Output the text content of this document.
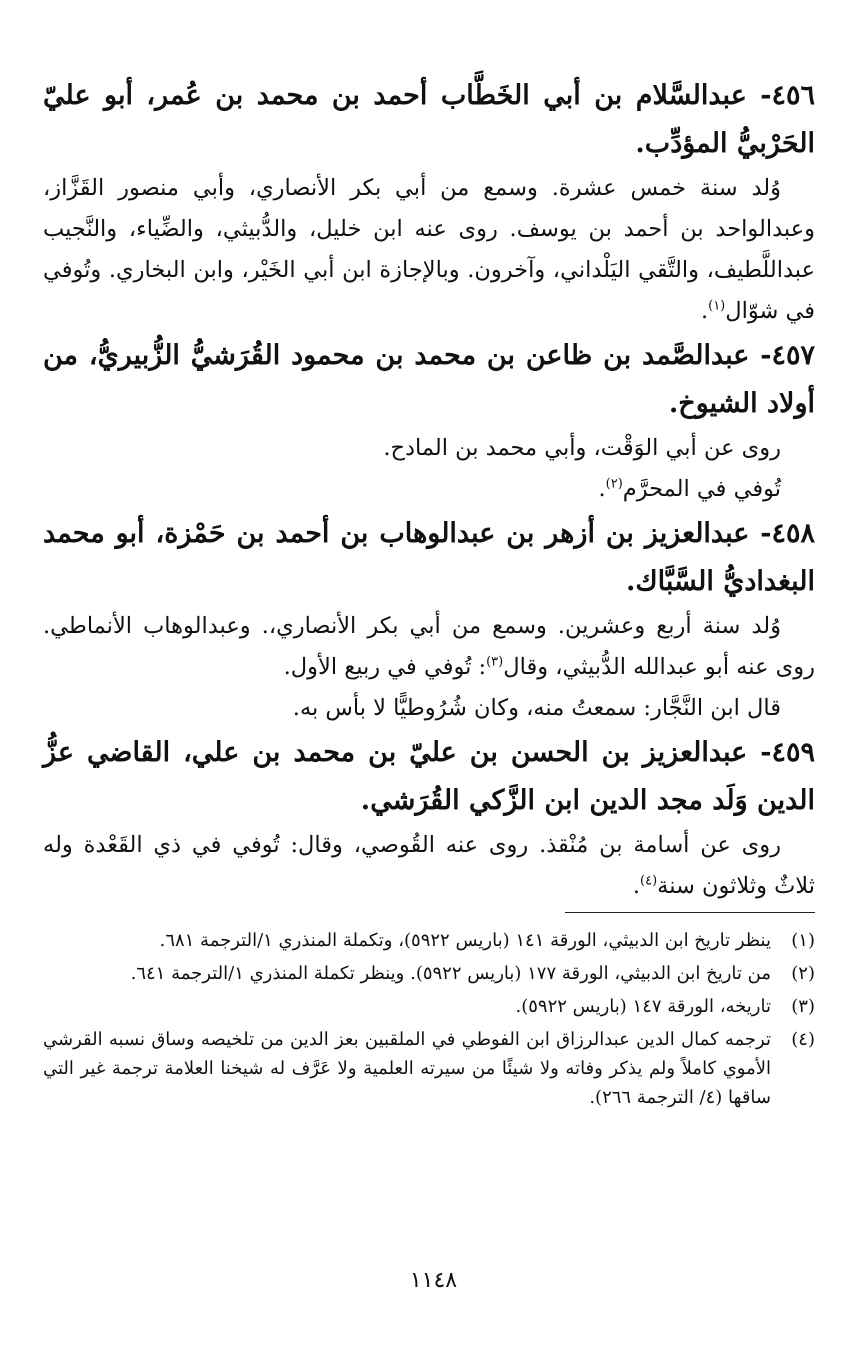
٤٥٦- عبدالسَّلام بن أبي الخَطَّاب أحمد بن محمد بن عُمر، أبو عليّ الحَرْبيُّ المؤدِّب.

وُلد سنة خمس عشرة. وسمع من أبي بكر الأنصاري، وأبي منصور القَزَّاز، وعبدالواحد بن أحمد بن يوسف. روى عنه ابن خليل، والدُّبيثي، والضِّياء، والنَّجيب عبداللَّطيف، والتَّقي اليَلْداني، وآخرون. وبالإجازة ابن أبي الخَيْر، وابن البخاري. وتُوفي في شوّال$^{(١)}$.

٤٥٧- عبدالصَّمد بن ظاعن بن محمد بن محمود القُرَشيُّ الزُّبيريُّ، من أولاد الشيوخ.

روى عن أبي الوَقْت، وأبي محمد بن المادح.

تُوفي في المحرَّم$^{(٢)}$.

٤٥٨- عبدالعزيز بن أزهر بن عبدالوهاب بن أحمد بن حَمْزة، أبو محمد البغداديُّ السَّبَّاك.

وُلد سنة أربع وعشرين. وسمع من أبي بكر الأنصاري،. وعبدالوهاب الأنماطي. روى عنه أبو عبدالله الدُّبيثي، وقال$^{(٣)}$: تُوفي في ربيع الأول.

قال ابن النَّجَّار: سمعتُ منه، وكان شُرُوطيًّا لا بأس به.

٤٥٩- عبدالعزيز بن الحسن بن عليّ بن محمد بن علي، القاضي عزُّ الدين وَلَد مجد الدين ابن الزَّكي القُرَشي.

روى عن أسامة بن مُنْقذ. روى عنه القُوصي، وقال: تُوفي في ذي القَعْدة وله ثلاثٌ وثلاثون سنة$^{(٤)}$.

(١)
ينظر تاريخ ابن الدبيثي، الورقة ١٤١ (باريس ٥٩٢٢)، وتكملة المنذري ١/الترجمة ٦٨١.
(٢)
من تاريخ ابن الدبيثي، الورقة ١٧٧ (باريس ٥٩٢٢). وينظر تكملة المنذري ١/الترجمة ٦٤١.
(٣)
تاريخه، الورقة ١٤٧ (باريس ٥٩٢٢).
(٤)
ترجمه كمال الدين عبدالرزاق ابن الفوطي في الملقبين بعز الدين من تلخيصه وساق نسبه القرشي الأموي كاملاً ولم يذكر وفاته ولا شيئًا من سيرته العلمية ولا عَرَّف له شيخنا العلامة ترجمة غير التي ساقها (٤/ الترجمة ٢٦٦).
١١٤٨
